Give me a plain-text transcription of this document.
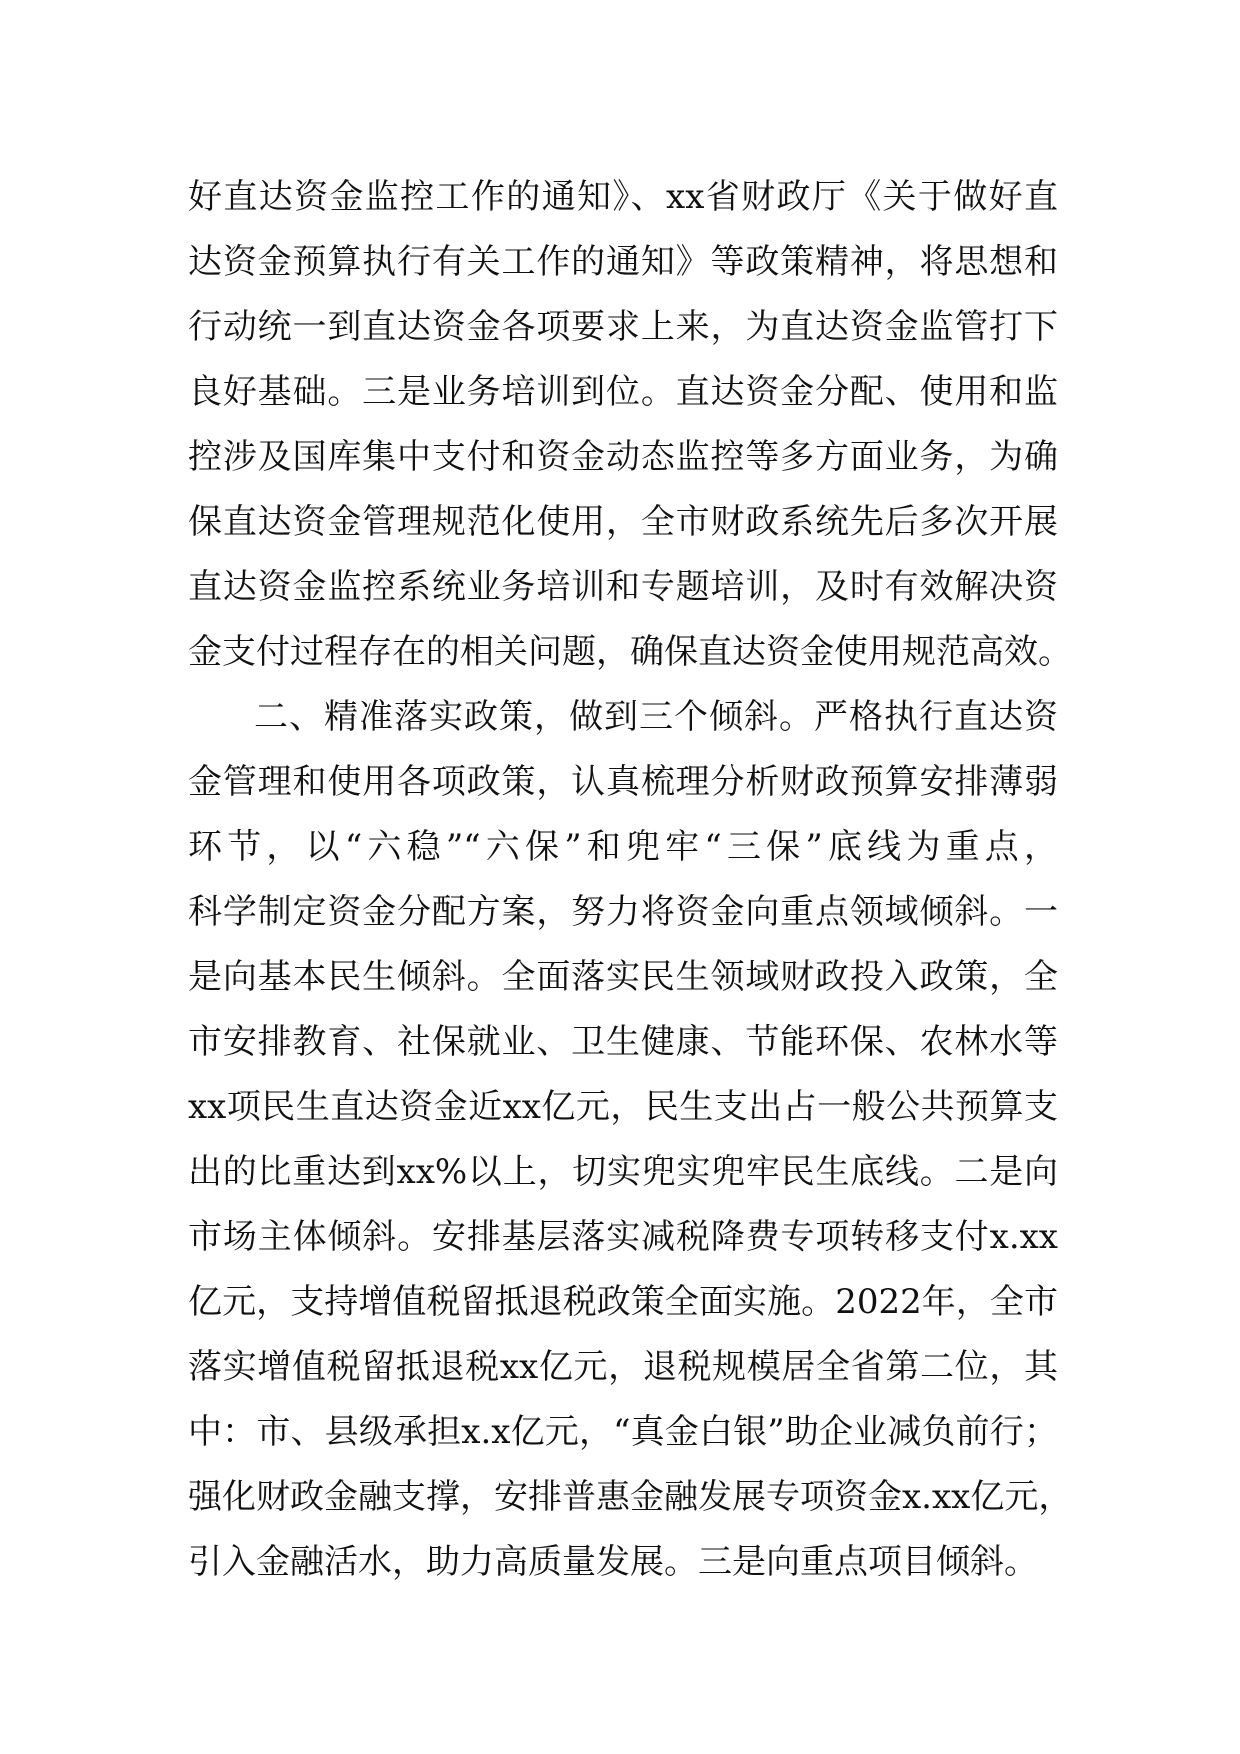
好直达资金监控工作的通知》、xx省财政厅《关于做好直
达资金预算执行有关工作的通知》等政策精神，将思想和
行动统一到直达资金各项要求上来，为直达资金监管打下
良好基础。三是业务培训到位。直达资金分配、使用和监
控涉及国库集中支付和资金动态监控等多方面业务，为确
保直达资金管理规范化使用，全市财政系统先后多次开展
直达资金监控系统业务培训和专题培训，及时有效解决资
金支付过程存在的相关问题，确保直达资金使用规范高效。
二、精准落实政策，做到三个倾斜。严格执行直达资
金管理和使用各项政策，认真梳理分析财政预算安排薄弱
环节，以“六稳”“六保”和兜牢“三保”底线为重点，
科学制定资金分配方案，努力将资金向重点领域倾斜。一
是向基本民生倾斜。全面落实民生领域财政投入政策，全
市安排教育、社保就业、卫生健康、节能环保、农林水等
xx项民生直达资金近xx亿元，民生支出占一般公共预算支
出的比重达到xx%以上，切实兜实兜牢民生底线。二是向
市场主体倾斜。安排基层落实减税降费专项转移支付x.xx
亿元，支持增值税留抵退税政策全面实施。2022年，全市
落实增值税留抵退税xx亿元，退税规模居全省第二位，其
中：市、县级承担x.x亿元，“真金白银”助企业减负前行；
强化财政金融支撑，安排普惠金融发展专项资金x.xx亿元，
引入金融活水，助力高质量发展。三是向重点项目倾斜。
